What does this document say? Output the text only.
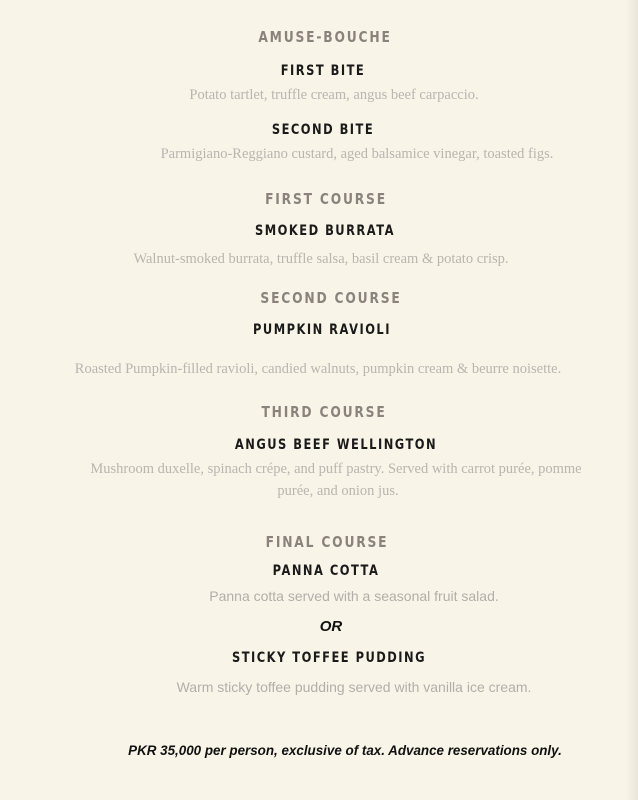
AMUSE-BOUCHE
FIRST BITE
Potato tartlet, truffle cream, angus beef carpaccio.
SECOND BITE
Parmigiano-Reggiano custard, aged balsamice vinegar, toasted figs.
FIRST COURSE
SMOKED BURRATA
Walnut-smoked burrata, truffle salsa, basil cream & potato crisp.
SECOND COURSE
PUMPKIN RAVIOLI
Roasted Pumpkin-filled ravioli, candied walnuts, pumpkin cream & beurre noisette.
THIRD COURSE
ANGUS BEEF WELLINGTON
Mushroom duxelle, spinach crépe, and puff pastry. Served with carrot purée, pomme
purée, and onion jus.
FINAL COURSE
PANNA COTTA
Panna cotta served with a seasonal fruit salad.
OR
STICKY TOFFEE PUDDING
Warm sticky toffee pudding served with vanilla ice cream.
PKR 35,000 per person, exclusive of tax. Advance reservations only.
